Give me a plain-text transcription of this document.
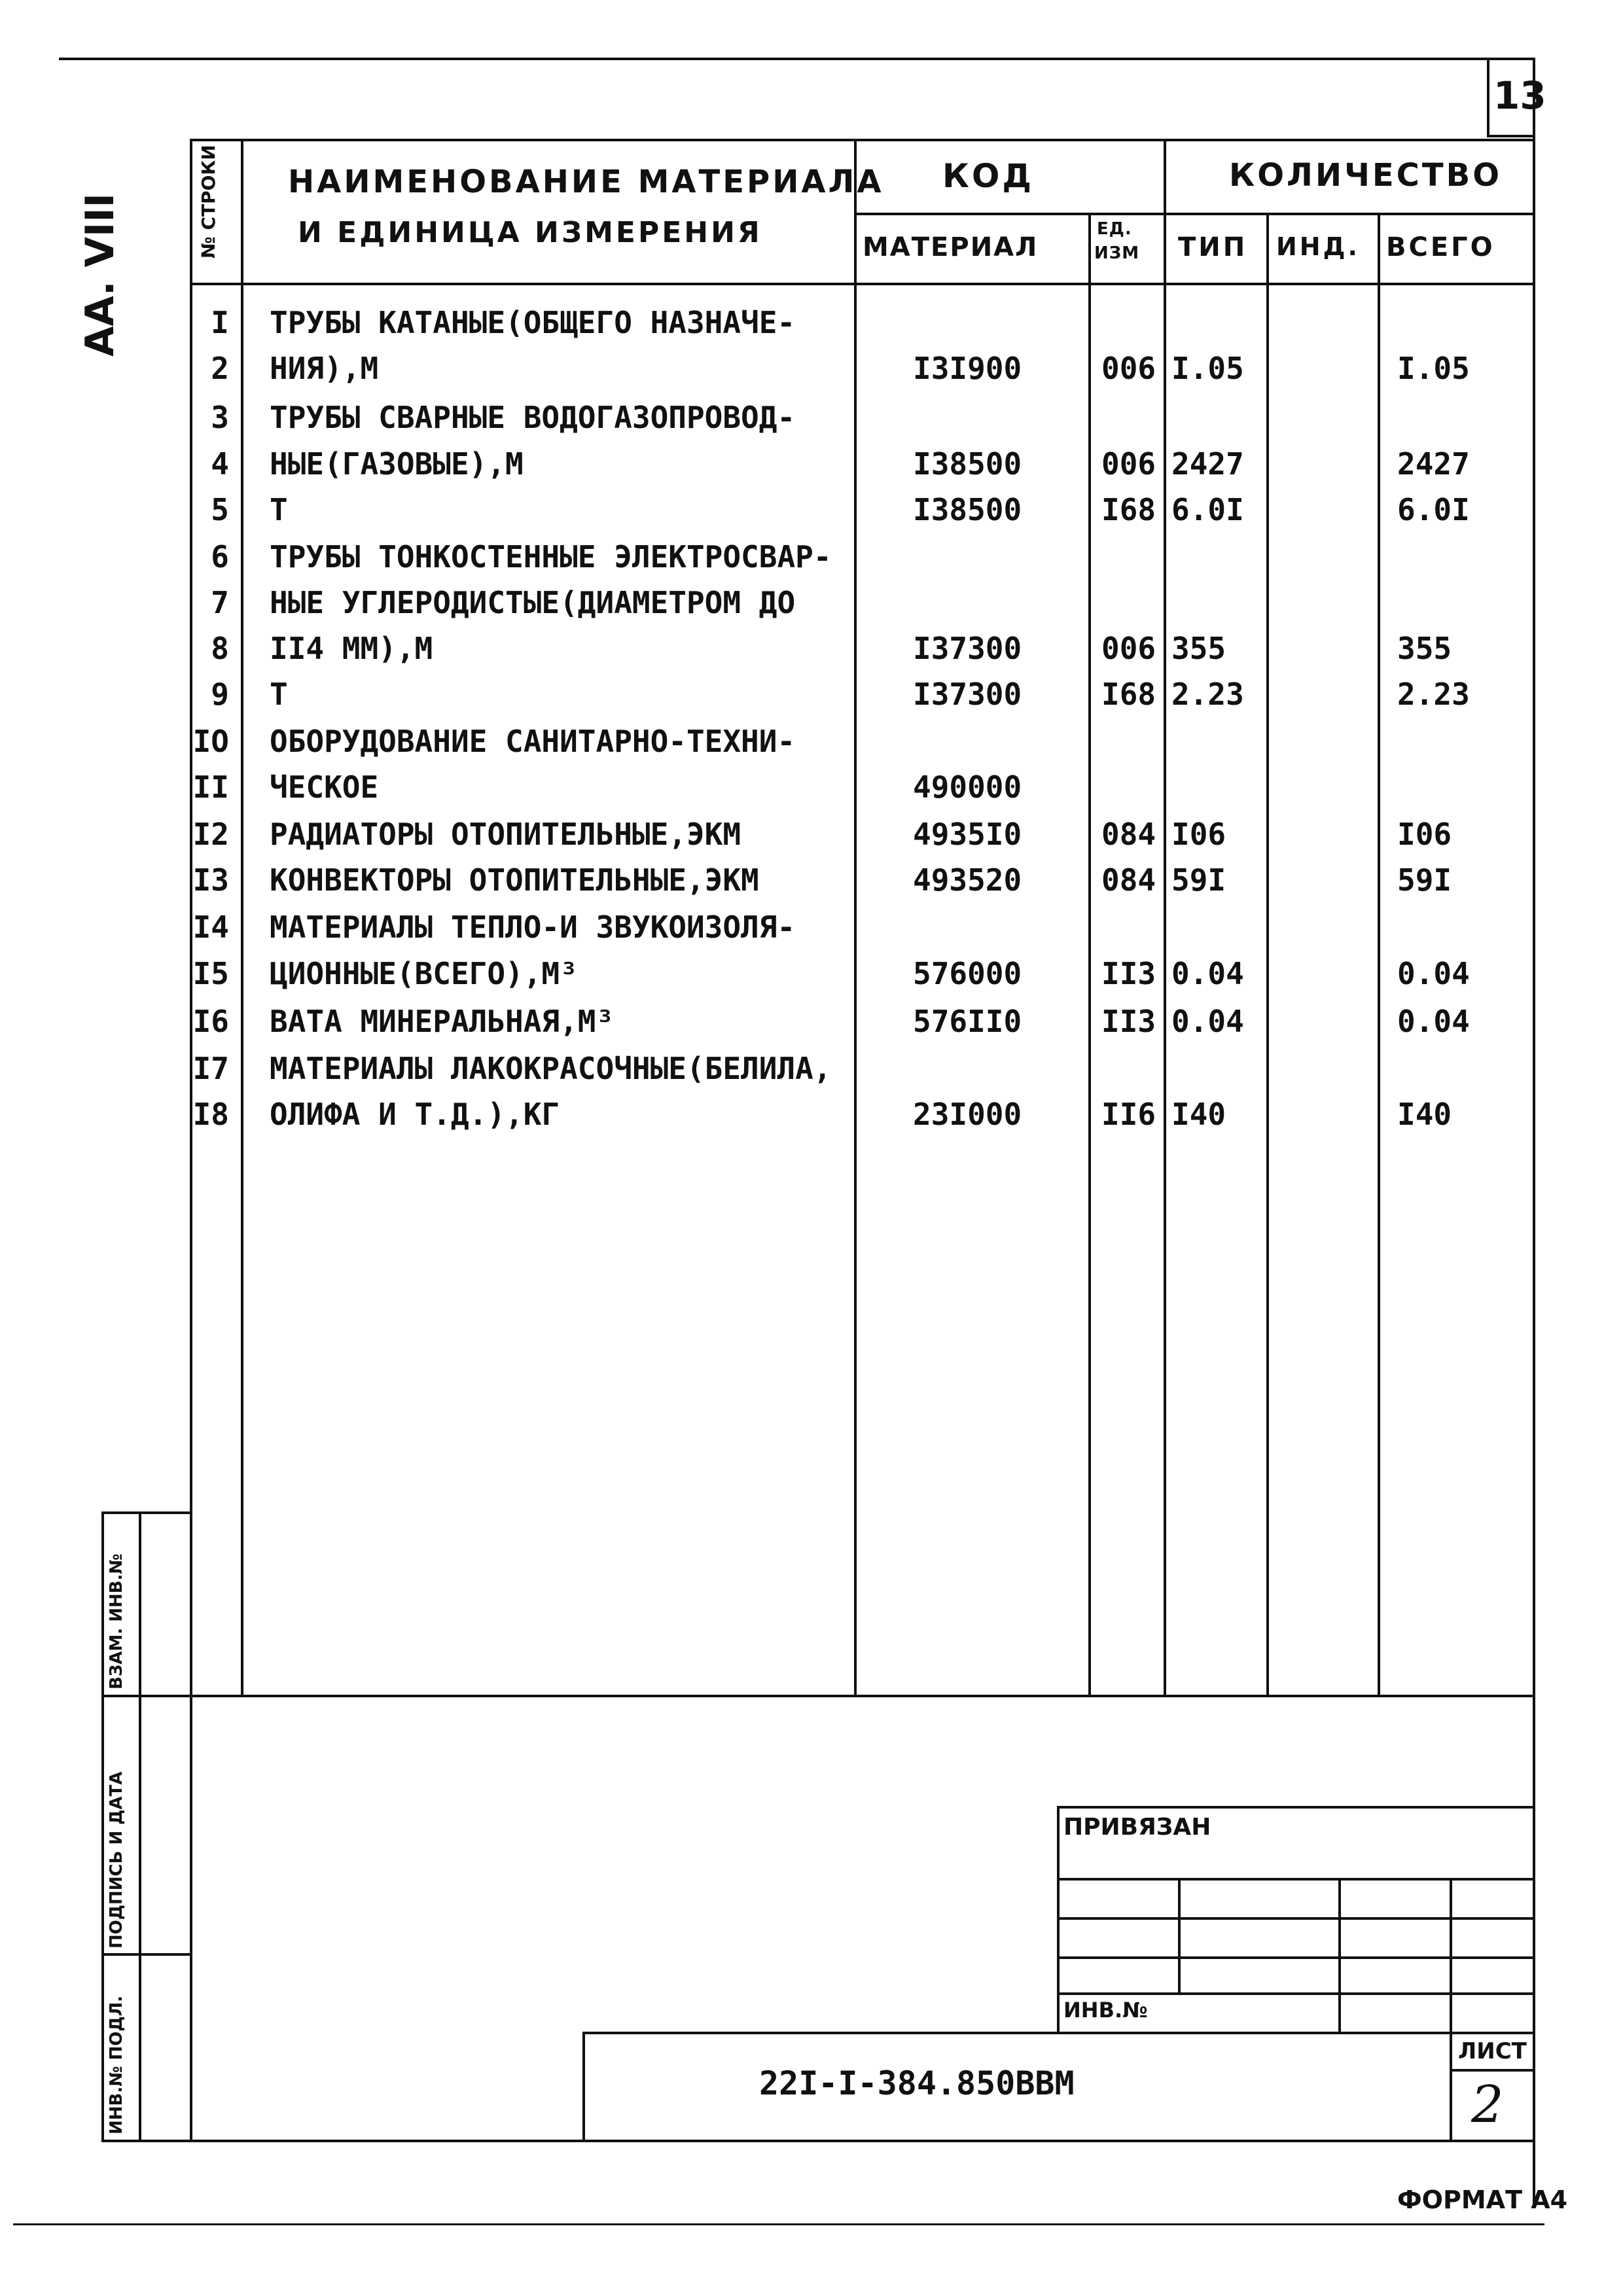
13
АА. VIII	№ СТРОКИ НАИМЕНОВАНИЕ МАТЕРИАЛА
И ЕДИНИЦА ИЗМЕРЕНИЯ
КОД
МАТЕРИАЛ
ЕД.
ИЗМ
КОЛИЧЕСТВО
ТИП ИНД. ВСЕГО
I ТРУБЫ КАТАНЫЕ(ОБЩЕГО НАЗНАЧЕ-
2 НИЯ),М	I3I900	006 I.05	I.05
3 ТРУБЫ СВАРНЫЕ ВОДОГАЗОПРОВОД-
4 НЫЕ(ГАЗОВЫЕ),М	I38500	006 2427	2427
5 Т	I38500	I68 6.0I	6.0I
6 ТРУБЫ ТОНКОСТЕННЫЕ ЭЛЕКТРОСВАР-
7 НЫЕ УГЛЕРОДИСТЫЕ(ДИАМЕТРОМ ДО
8 II4 ММ),М	I37300	006 355	355
9 Т	I37300	I68 2.23	2.23
IO ОБОРУДОВАНИЕ САНИТАРНО-ТЕХНИ-
II ЧЕСКОЕ	490000
I2 РАДИАТОРЫ ОТОПИТЕЛЬНЫЕ,ЭКМ	4935I0	084 I06	I06
I3 КОНВЕКТОРЫ ОТОПИТЕЛЬНЫЕ,ЭКМ	493520	084 59I	59I
I4 МАТЕРИАЛЫ ТЕПЛО-И ЗВУКОИЗОЛЯ-
I5 ЦИОННЫЕ(ВСЕГО),М³	576000	II3 0.04	0.04
I6 ВАТА МИНЕРАЛЬНАЯ,М³	576II0	II3 0.04	0.04
I7 МАТЕРИАЛЫ ЛАКОКРАСОЧНЫЕ(БЕЛИЛА,
I8 ОЛИФА И Т.Д.),КГ	23I000	II6 I40	I40
ИНВ.№ ПОДЛ.
ПОДПИСЬ И ДАТА
ВЗАМ. ИНВ.№
ПРИВЯЗАН
ИНВ.№
22I-I-384.850ВВМ
ЛИСТ
2
ФОРМАТ А4
